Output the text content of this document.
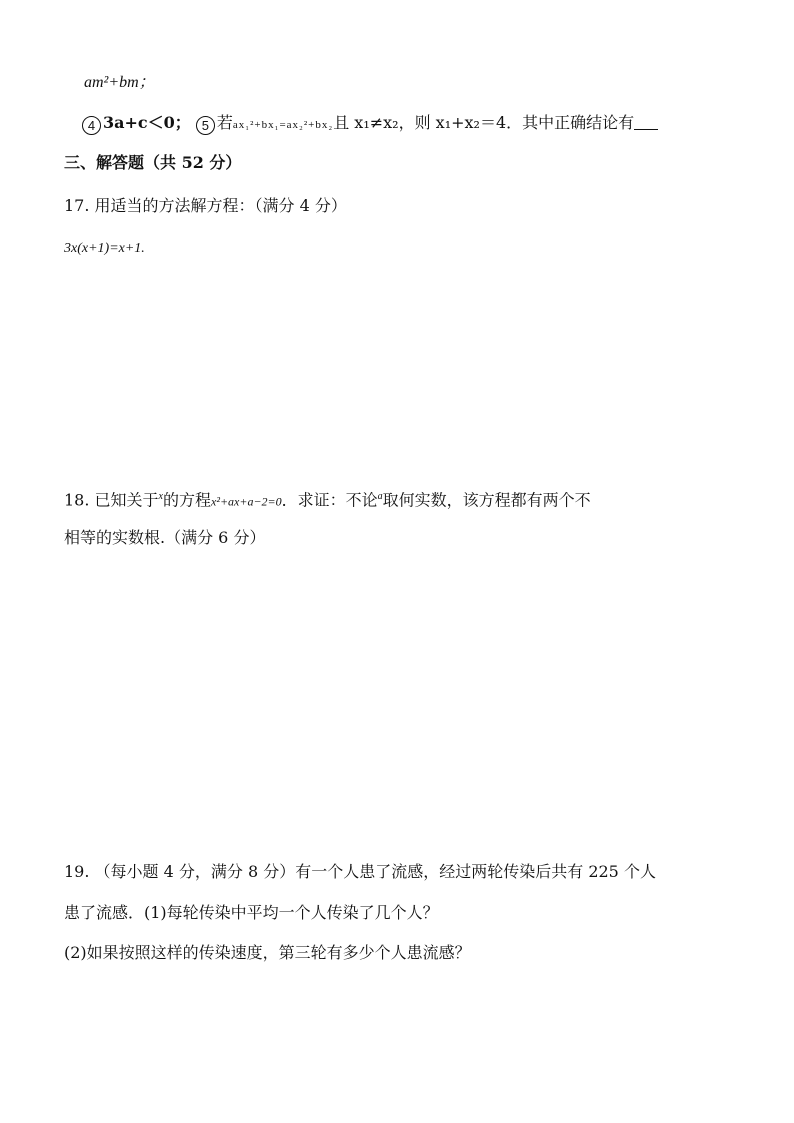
am²+bm；
4 3a+c＜0； 5 若ax₁²+bx₁=ax₂²+bx₂且 x₁≠x₂，则 x₁+x₂＝4．其中正确结论有
三、解答题（共 52 分）
17. 用适当的方法解方程：（满分 4 分）
3x(x+1)=x+1.
18. 已知关于$^x$的方程x²+ax+a−2=0．求证：不论$^a$取何实数，该方程都有两个不
相等的实数根.（满分 6 分）
19. （每小题 4 分，满分 8 分）有一个人患了流感，经过两轮传染后共有 225 个人
患了流感．(1)每轮传染中平均一个人传染了几个人？
(2)如果按照这样的传染速度，第三轮有多少个人患流感？
